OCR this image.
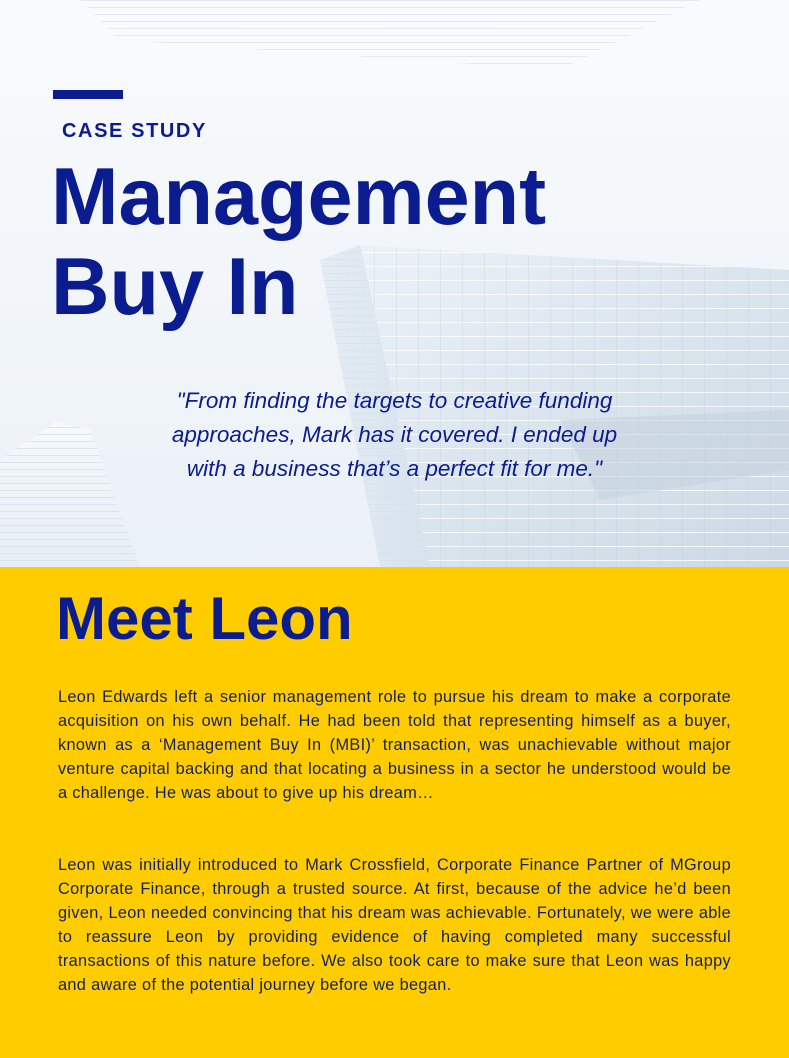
CASE STUDY
Management
Buy In

"From finding the targets to creative funding
approaches, Mark has it covered. I ended up
with a business that’s a perfect fit for me."

Meet Leon

Leon Edwards left a senior management role to pursue his dream to make a corporate acquisition on his own behalf. He had been told that representing himself as a buyer, known as a ‘Management Buy In (MBI)’ transaction, was unachievable without major venture capital backing and that locating a business in a sector he understood would be a challenge. He was about to give up his dream…

Leon was initially introduced to Mark Crossfield, Corporate Finance Partner of MGroup Corporate Finance, through a trusted source. At first, because of the advice he’d been given, Leon needed convincing that his dream was achievable. Fortunately, we were able to reassure Leon by providing evidence of having completed many successful transactions of this nature before. We also took care to make sure that Leon was happy and aware of the potential journey before we began.
